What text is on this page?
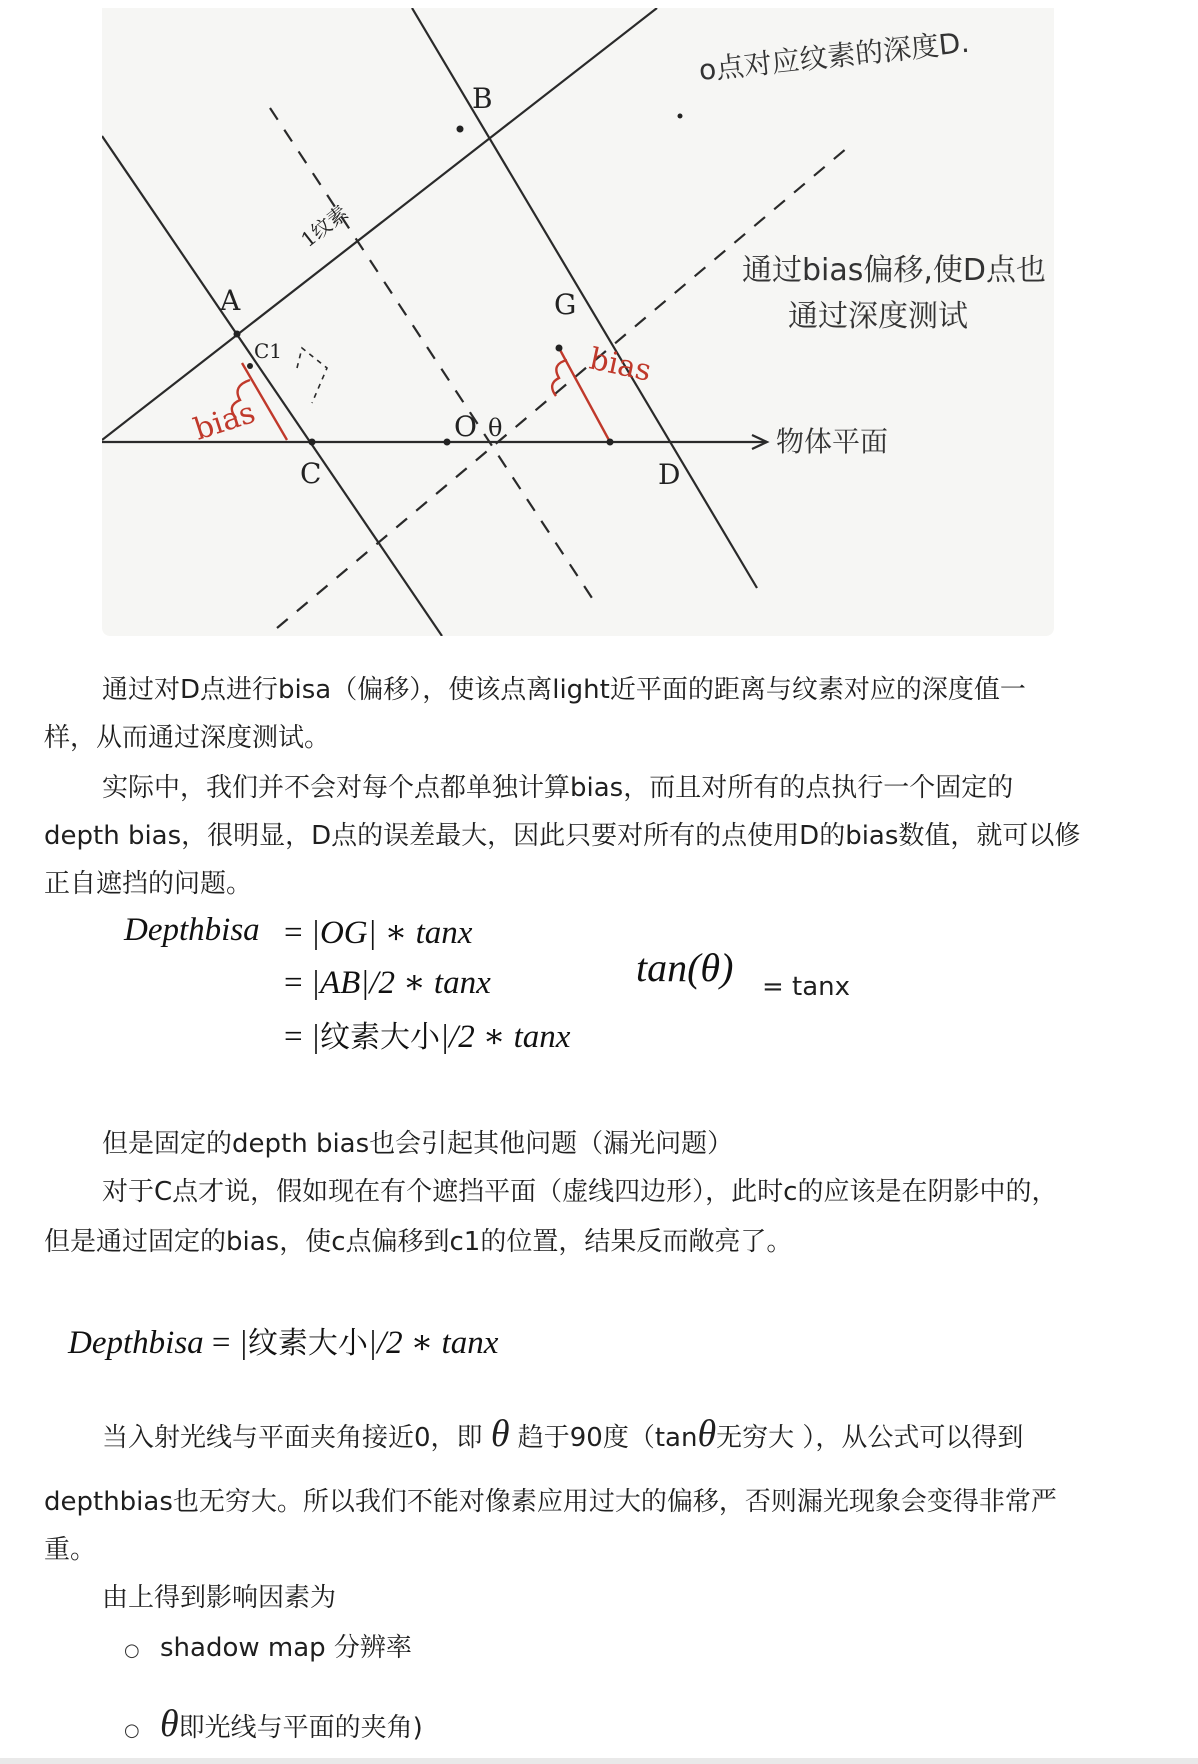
A
B
C	D
G
O
C1
θ
1纹素
bias
bias
o点对应纹素的深度D.
通过bias偏移,使D点也
通过深度测试
物体平面

通过对D点进行bisa（偏移），使该点离light近平面的距离与纹素对应的深度值一

样，从而通过深度测试。

实际中，我们并不会对每个点都单独计算bias，而且对所有的点执行一个固定的

depth bias，很明显，D点的误差最大，因此只要对所有的点使用D的bias数值，就可以修

正自遮挡的问题。

Depthbisa = |OG| ∗ tanx
= |AB|/2 ∗ tanx
= |纹素大小|/2 ∗ tanx
tan(θ) = tanx

但是固定的depth bias也会引起其他问题（漏光问题）

对于C点才说，假如现在有个遮挡平面（虚线四边形），此时c的应该是在阴影中的，

但是通过固定的bias，使c点偏移到c1的位置，结果反而敞亮了。

Depthbisa = |纹素大小|/2 ∗ tanx
当入射光线与平面夹角接近0，即 θ 趋于90度（tanθ无穷大 ），从公式可以得到

depthbias也无穷大。所以我们不能对像素应用过大的偏移，否则漏光现象会变得非常严

重。

由上得到影响因素为

○ shadow map 分辨率
○ θ即光线与平面的夹角)
